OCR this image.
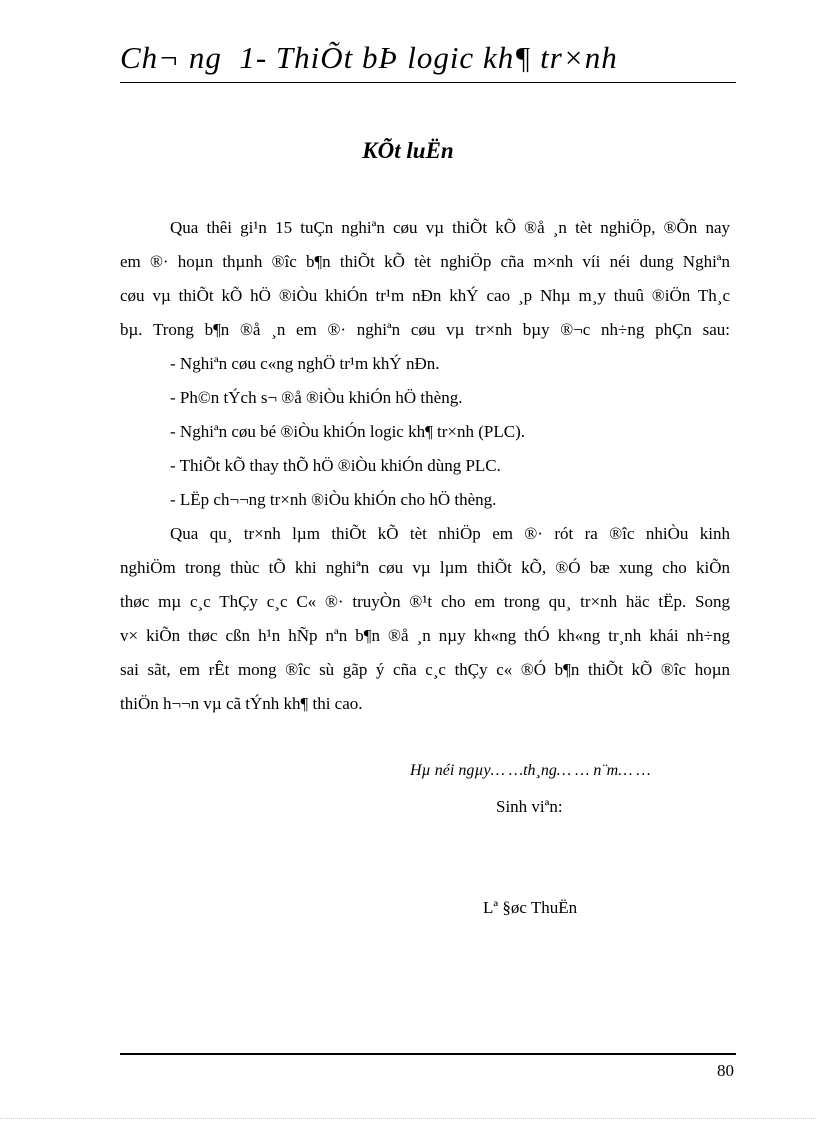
Ch¬ ng  1- ThiÕt bÞ logic kh¶ tr×nh
KÕt luËn
Qua thêi gi¹n 15 tuÇn nghiªn cøu vµ thiÕt kÕ ®å ¸n tèt nghiÖp, ®Õn nay
em ®· hoµn thµnh ®îc b¶n thiÕt kÕ tèt nghiÖp cña m×nh víi néi dung Nghiªn
cøu vµ thiÕt kÕ hÖ ®iÒu khiÓn tr¹m nÐn khÝ cao ¸p Nhµ m¸y thuû ®iÖn Th¸c
bµ. Trong b¶n ®å ¸n em ®· nghiªn cøu vµ tr×nh bµy ®¬c nh÷ng phÇn sau:
- Nghiªn cøu c«ng nghÖ tr¹m khÝ nÐn.
- Ph©n tÝch s¬ ®å ®iÒu khiÓn hÖ thèng.
- Nghiªn cøu bé ®iÒu khiÓn logic kh¶ tr×nh (PLC).
- ThiÕt kÕ thay thÕ hÖ ®iÒu khiÓn dùng PLC.
- LËp ch¬¬ng tr×nh ®iÒu khiÓn cho hÖ thèng.
Qua qu¸ tr×nh lµm thiÕt kÕ tèt nhiÖp em ®· rót ra ®îc nhiÒu kinh
nghiÖm trong thùc tÕ khi nghiªn cøu vµ lµm thiÕt kÕ, ®Ó bæ xung cho kiÕn
thøc mµ c¸c ThÇy c¸c C« ®· truyÒn ®¹t cho em trong qu¸ tr×nh häc tËp. Song
v× kiÕn thøc cßn h¹n hÑp nªn b¶n ®å ¸n nµy kh«ng thÓ kh«ng tr¸nh khái nh÷ng
sai sãt, em rÊt mong ®îc sù gãp ý cña c¸c thÇy c« ®Ó b¶n thiÕt kÕ ®îc hoµn
thiÖn h¬¬n vµ cã tÝnh kh¶ thi cao.
Hµ néi ngµy… …th¸ng… … n¨m… …
Sinh viªn:
Lª §øc ThuËn
80
